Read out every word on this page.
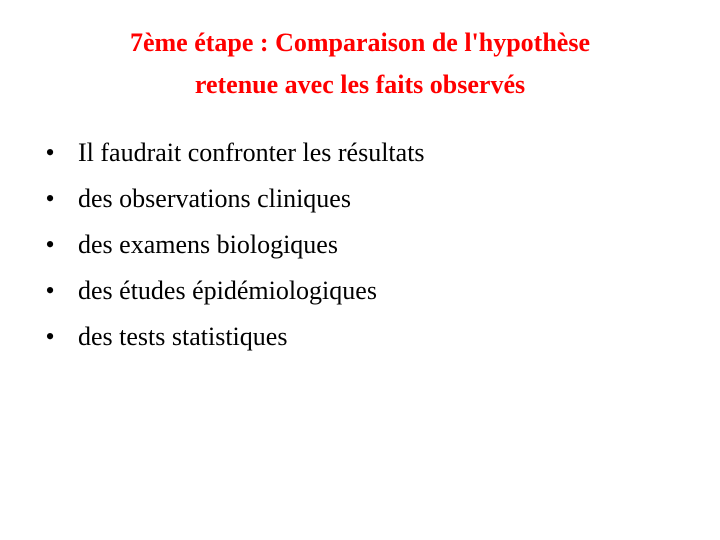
7ème étape : Comparaison de l'hypothèse
retenue avec les faits observés
• Il faudrait confronter les résultats
• des observations cliniques
• des examens biologiques
• des études épidémiologiques
• des tests statistiques
